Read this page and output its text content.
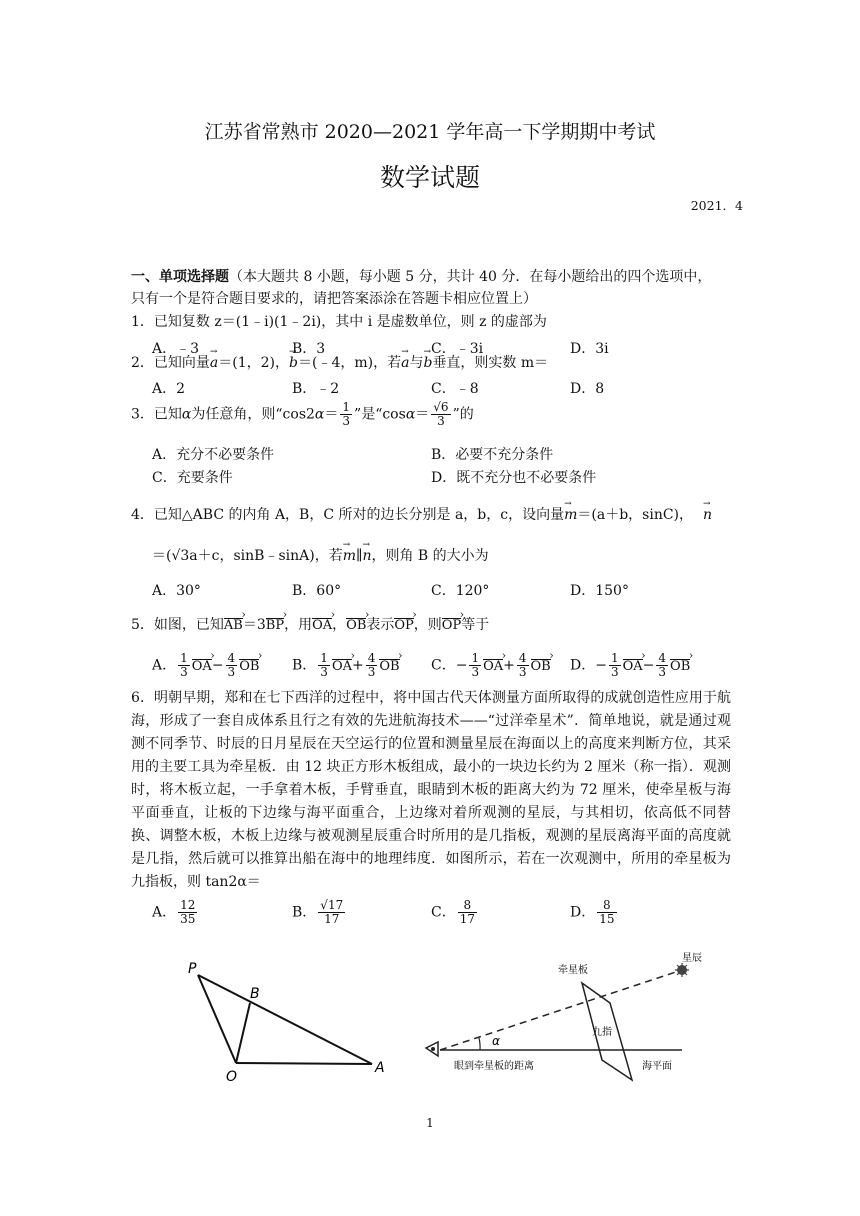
江苏省常熟市 2020—2021 学年高一下学期期中考试
数学试题
2021．4
一、单项选择题（本大题共 8 小题，每小题 5 分，共计 40 分．在每小题给出的四个选项中，
只有一个是符合题目要求的，请把答案添涂在答题卡相应位置上）
1．已知复数 z＝(1﹣i)(1﹣2i)，其中 i 是虚数单位，则 z 的虚部为
A．﹣3	B．3	C．﹣3i	D．3i
2．已知向量→ a＝(1，2)，→ b＝(﹣4，m)，若→ a与→ b垂直，则实数 m＝
A．2	B．﹣2	C．﹣8	D．8
3．已知α为任意角，则“$\cos 2\alpha= \frac{1}{3}$ ”是“$\cos\alpha= \frac{√6}{3}$ ”的
A．充分不必要条件	B．必要不充分条件
C．充要条件	D．既不充分也不必要条件
4．已知△ABC 的内角 A，B，C 所对的边长分别是 a，b，c，设向量→ m＝(a＋b，sinC)，→ n
＝(√3a＋c，sinB﹣sinA)，若→ m∥→ n，则角 B 的大小为
A．30°	B．60°	C．120°	D．150°
5．如图，已知AB ›＝3BP ›，用OA ›，OB ›表示OP ›，则OP ›等于
A． $\frac{1}{3}$ OA ›− $\frac{4}{3}$ OB › B． $\frac{1}{3}$ OA ›+ $\frac{4}{3}$ OB › C．− $\frac{1}{3}$ OA ›+ $\frac{4}{3}$ OB › D．− $\frac{1}{3}$ OA ›− $\frac{4}{3}$ OB ›
6．明朝早期，郑和在七下西洋的过程中，将中国古代天体测量方面所取得的成就创造性应用于航海，形成了一套自成体系且行之有效的先进航海技术——“过洋牵星术”．简单地说，就是通过观测不同季节、时辰的日月星辰在天空运行的位置和测量星辰在海面以上的高度来判断方位，其采用的主要工具为牵星板．由 12 块正方形木板组成，最小的一块边长约为 2 厘米（称一指）．观测时，将木板立起，一手拿着木板，手臂垂直，眼睛到木板的距离大约为 72 厘米，使牵星板与海平面垂直，让板的下边缘与海平面重合，上边缘对着所观测的星辰，与其相切，依高低不同替换、调整木板，木板上边缘与被观测星辰重合时所用的是几指板，观测的星辰离海平面的高度就是几指，然后就可以推算出船在海中的地理纬度．如图所示，若在一次观测中，所用的牵星板为九指板，则 tan2α＝
A． $\frac{12}{35}$	B． $\frac{√17}{17}$	C． $\frac{8}{17}$	D． $\frac{8}{15}$
P
B
O
A
牵星板
星辰
九指
α
眼到牵星板的距离	海平面
1
